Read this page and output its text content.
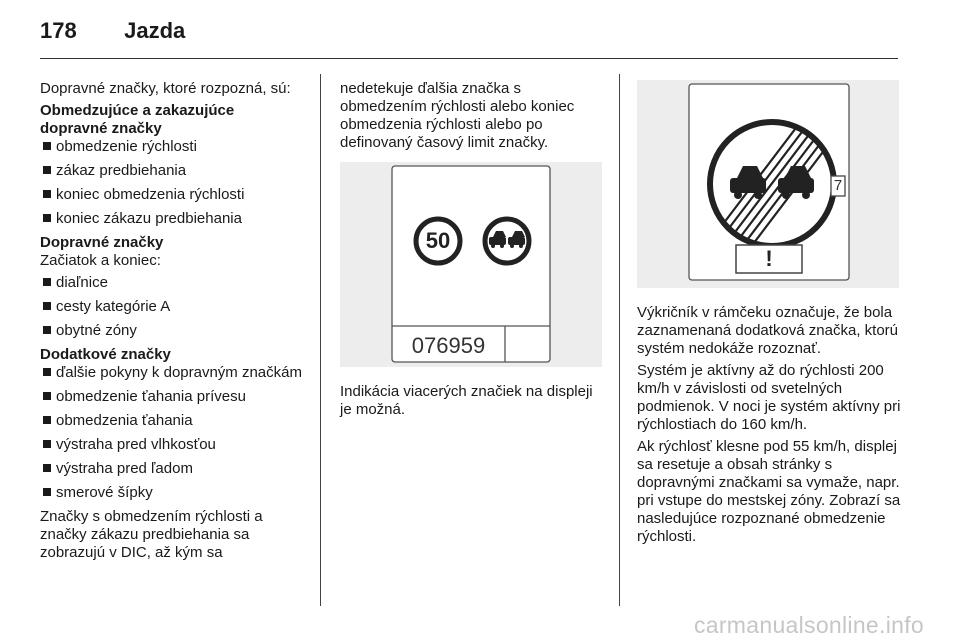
178 Jazda

Dopravné značky, ktoré rozpozná, sú:

Obmedzujúce a zakazujúce dopravné značky

obmedzenie rýchlosti
zákaz predbiehania
koniec obmedzenia rýchlosti
koniec zákazu predbiehania

Dopravné značky

Začiatok a koniec:

diaľnice
cesty kategórie A
obytné zóny

Dodatkové značky

ďalšie pokyny k dopravným značkám
obmedzenie ťahania prívesu
obmedzenia ťahania
výstraha pred vlhkosťou
výstraha pred ľadom
smerové šípky

Značky s obmedzením rýchlosti a značky zákazu predbiehania sa zobrazujú v DIC, až kým sa

nedetekuje ďalšia značka s obmedzením rýchlosti alebo koniec obmedzenia rýchlosti alebo po definovaný časový limit značky.

50
076959

Indikácia viacerých značiek na displeji je možná.

7
!

Výkričník v rámčeku označuje, že bola zaznamenaná dodatková značka, ktorú systém nedokáže rozoznať.

Systém je aktívny až do rýchlosti 200 km/h v závislosti od svetelných podmienok. V noci je systém aktívny pri rýchlostiach do 160 km/h.

Ak rýchlosť klesne pod 55 km/h, displej sa resetuje a obsah stránky s dopravnými značkami sa vymaže, napr. pri vstupe do mestskej zóny. Zobrazí sa nasledujúce rozpoznané obmedzenie rýchlosti.

carmanualsonline.info
